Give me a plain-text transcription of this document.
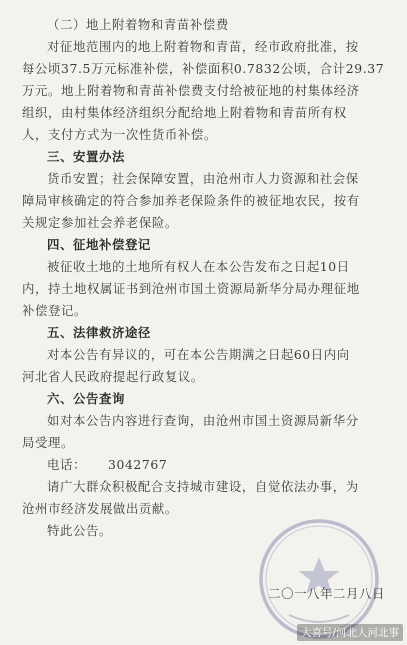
（二）地上附着物和青苗补偿费
对征地范围内的地上附着物和青苗，经市政府批准，按
每公顷37.5万元标准补偿，补偿面积0.7832公顷，合计29.37
万元。地上附着物和青苗补偿费支付给被征地的村集体经济
组织，由村集体经济组织分配给地上附着物和青苗所有权
人，支付方式为一次性货币补偿。
三、安置办法
货币安置；社会保障安置，由沧州市人力资源和社会保
障局审核确定的符合参加养老保险条件的被征地农民，按有
关规定参加社会养老保险。
四、征地补偿登记
被征收土地的土地所有权人在本公告发布之日起10日
内，持土地权属证书到沧州市国土资源局新华分局办理征地
补偿登记。
五、法律救济途径
对本公告有异议的，可在本公告期满之日起60日内向
河北省人民政府提起行政复议。
六、公告查询
如对本公告内容进行查询，由沧州市国土资源局新华分
局受理。
电话： 3042767
请广大群众积极配合支持城市建设，自觉依法办事，为
沧州市经济发展做出贡献。
特此公告。
二〇一八年二月八日
大喜号/河北人河北事
